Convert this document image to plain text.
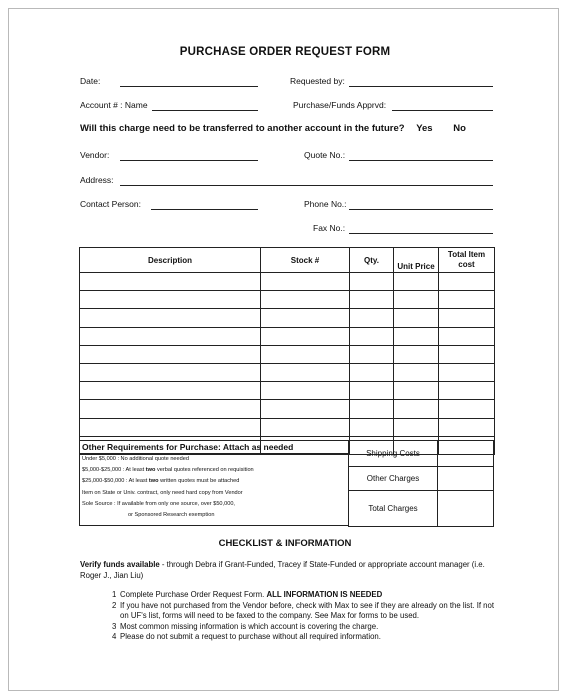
PURCHASE ORDER REQUEST FORM
Date:	Requested by:
Account # : Name	Purchase/Funds Apprvd:
Will this charge need to be transferred to another account in the future? Yes No
Vendor:	Quote No.:
Address:
Contact Person:	Phone No.:
Fax No.:
Description	Stock #	Qty.	Unit Price	Total Item
cost

Other Requirements for Purchase: Attach as needed
Under $5,000 : No additional quote needed
$5,000-$25,000 : At least two verbal quotes referenced on requisition
$25,000-$50,000 : At least two written quotes must be attached
Item on State or Univ. contract, only need hard copy from Vendor
Sole Source : If available from only one source, over $50,000,
or Sponsored Research exemption
Shipping Costs	
Other Charges	
Total Charges	
CHECKLIST & INFORMATION
Verify funds available - through Debra if Grant-Funded, Tracey if State-Funded or appropriate account manager (i.e. Roger J., Jian Liu)
1 Complete Purchase Order Request Form. ALL INFORMATION IS NEEDED
2 If you have not purchased from the Vendor before, check with Max to see if they are already on the list. If not on UF's list, forms will need to be faxed to the company. See Max for forms to be used.
3 Most common missing information is which account is covering the charge.
4 Please do not submit a request to purchase without all required information.
